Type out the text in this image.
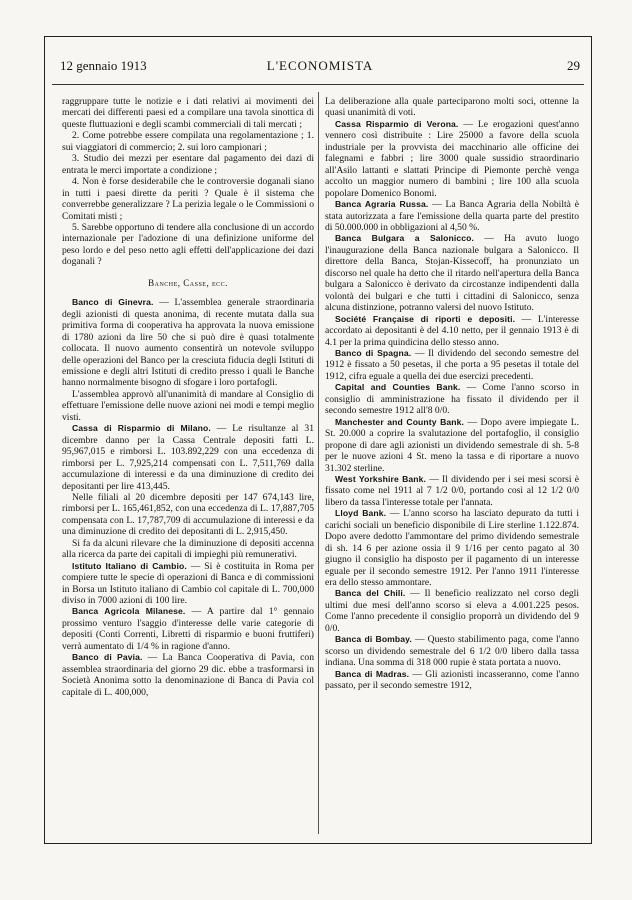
12 gennaio 1913	L'ECONOMISTA	29

raggruppare tutte le notizie e i dati relativi ai movimenti dei mercati dei differenti paesi ed a compilare una tavola sinottica di queste fluttuazioni e degli scambi commerciali di tali mercati ;

2. Come potrebbe essere compilata una regolamentazione ; 1. sui viaggiatori di commercio; 2. sui loro campionari ;

3. Studio dei mezzi per esentare dal pagamento dei dazi di entrata le merci importate a condizione ;

4. Non è forse desiderabile che le controversie doganali siano in tutti i paesi dirette da periti ? Quale è il sistema che converrebbe generalizzare ? La perizia legale o le Commissioni o Comitati misti ;

5. Sarebbe opportuno di tendere alla conclusione di un accordo internazionale per l'adozione di una definizione uniforme del peso lordo e del peso netto agli effetti dell'applicazione dei dazi doganali ?

Banche, Casse, ecc.

Banco di Ginevra. — L'assemblea generale straordinaria degli azionisti di questa anonima, di recente mutata dalla sua primitiva forma di cooperativa ha approvata la nuova emissione di 1780 azioni da lire 50 che si può dire è quasi totalmente collocata. Il nuovo aumento consentirà un notevole sviluppo delle operazioni del Banco per la cresciuta fiducia degli Istituti di emissione e degli altri Istituti di credito presso i quali le Banche hanno normalmente bisogno di sfogare i loro portafogli.

L'assemblea approvò all'unanimità di mandare al Consiglio di effettuare l'emissione delle nuove azioni nei modi e tempi meglio visti.

Cassa di Risparmio di Milano. — Le risultanze al 31 dicembre danno per la Cassa Centrale depositi fatti L. 95,967,015 e rimborsi L. 103.892,229 con una eccedenza di rimborsi per L. 7,925,214 compensati con L. 7,511,769 dalla accumulazione di interessi e da una diminuzione di credito dei depositanti per lire 413,445.

Nelle filiali al 20 dicembre depositi per 147 674,143 lire, rimborsi per L. 165,461,852, con una eccedenza di L. 17,887,705 compensata con L. 17,787,709 di accumulazione di interessi e da una diminuzione di credito dei depositanti di L. 2,915,450.

Si fa da alcuni rilevare che la diminuzione di depositi accenna alla ricerca da parte dei capitali di impieghi più remunerativi.

Istituto Italiano di Cambio. — Si è costituita in Roma per compiere tutte le specie di operazioni di Banca e di commissioni in Borsa un Istituto italiano di Cambio col capitale di L. 700,000 diviso in 7000 azioni di 100 lire.

Banca Agricola Milanese. — A partire dal 1° gennaio prossimo venturo l'saggio d'interesse delle varie categorie di depositi (Conti Correnti, Libretti di risparmio e buoni fruttiferi) verrà aumentato di 1/4 % in ragione d'anno.

Banco di Pavia. — La Banca Cooperativa di Pavia, con assemblea straordinaria del giorno 29 dic. ebbe a trasformarsi in Società Anonima sotto la denominazione di Banca di Pavia col capitale di L. 400,000,

La deliberazione alla quale parteciparono molti soci, ottenne la quasi unanimità di voti.

Cassa Risparmio di Verona. — Le erogazioni quest'anno vennero così distribuite : Lire 25000 a favore della scuola industriale per la provvista dei macchinario alle officine dei falegnami e fabbri ; lire 3000 quale sussidio straordinario all'Asilo lattanti e slattati Principe di Piemonte perchè venga accolto un maggior numero di bambini ; lire 100 alla scuola popolare Domenico Bonomi.

Banca Agraria Russa. — La Banca Agraria della Nobiltà è stata autorizzata a fare l'emissione della quarta parte del prestito di 50.000.000 in obbligazioni al 4,50 %.

Banca Bulgara a Salonicco. — Ha avuto luogo l'inaugurazione della Banca nazionale bulgara a Salonicco. Il direttore della Banca, Stojan-Kissecoff, ha pronunziato un discorso nel quale ha detto che il ritardo nell'apertura della Banca bulgara a Salonicco è derivato da circostanze indipendenti dalla volontà dei bulgari e che tutti i cittadini di Salonicco, senza alcuna distinzione, potranno valersi del nuovo Istituto.

Société Française di riporti e depositi. — L'interesse accordato ai depositanti è del 4.10 netto, per il gennaio 1913 è di 4.1 per la prima quindicina dello stesso anno.

Banco di Spagna. — Il dividendo del secondo semestre del 1912 è fissato a 50 pesetas, il che porta a 95 pesetas il totale del 1912, cifra eguale a quella dei due esercizi precedenti.

Capital and Counties Bank. — Come l'anno scorso in consiglio di amministrazione ha fissato il dividendo per il secondo semestre 1912 all'8 0/0.

Manchester and County Bank. — Dopo avere impiegate L. St. 20.000 a coprire la svalutazione del portafoglio, il consiglio propone di dare agli azionisti un dividendo semestrale di sh. 5-8 per le nuove azioni 4 St. meno la tassa e di riportare a nuovo 31.302 sterline.

West Yorkshire Bank. — Il dividendo per i sei mesi scorsi è fissato come nel 1911 al 7 1/2 0/0, portando così al 12 1/2 0/0 libero da tassa l'interesse totale per l'annata.

Lloyd Bank. — L'anno scorso ha lasciato depurato da tutti i carichi sociali un beneficio disponibile di Lire sterline 1.122.874. Dopo avere dedotto l'ammontare del primo dividendo semestrale di sh. 14 6 per azione ossia il 9 1/16 per cento pagato al 30 giugno il consiglio ha disposto per il pagamento di un interesse eguale per il secondo semestre 1912. Per l'anno 1911 l'interesse era dello stesso ammontare.

Banca del Chili. — Il beneficio realizzato nel corso degli ultimi due mesi dell'anno scorso si eleva a 4.001.225 pesos. Come l'anno precedente il consiglio proporrà un dividendo del 9 0/0.

Banca di Bombay. — Questo stabilimento paga, come l'anno scorso un dividendo semestrale del 6 1/2 0/0 libero dalla tassa indiana. Una somma di 318 000 rupie è stata portata a nuovo.

Banca di Madras. — Gli azionisti incasseranno, come l'anno passato, per il secondo semestre 1912,
